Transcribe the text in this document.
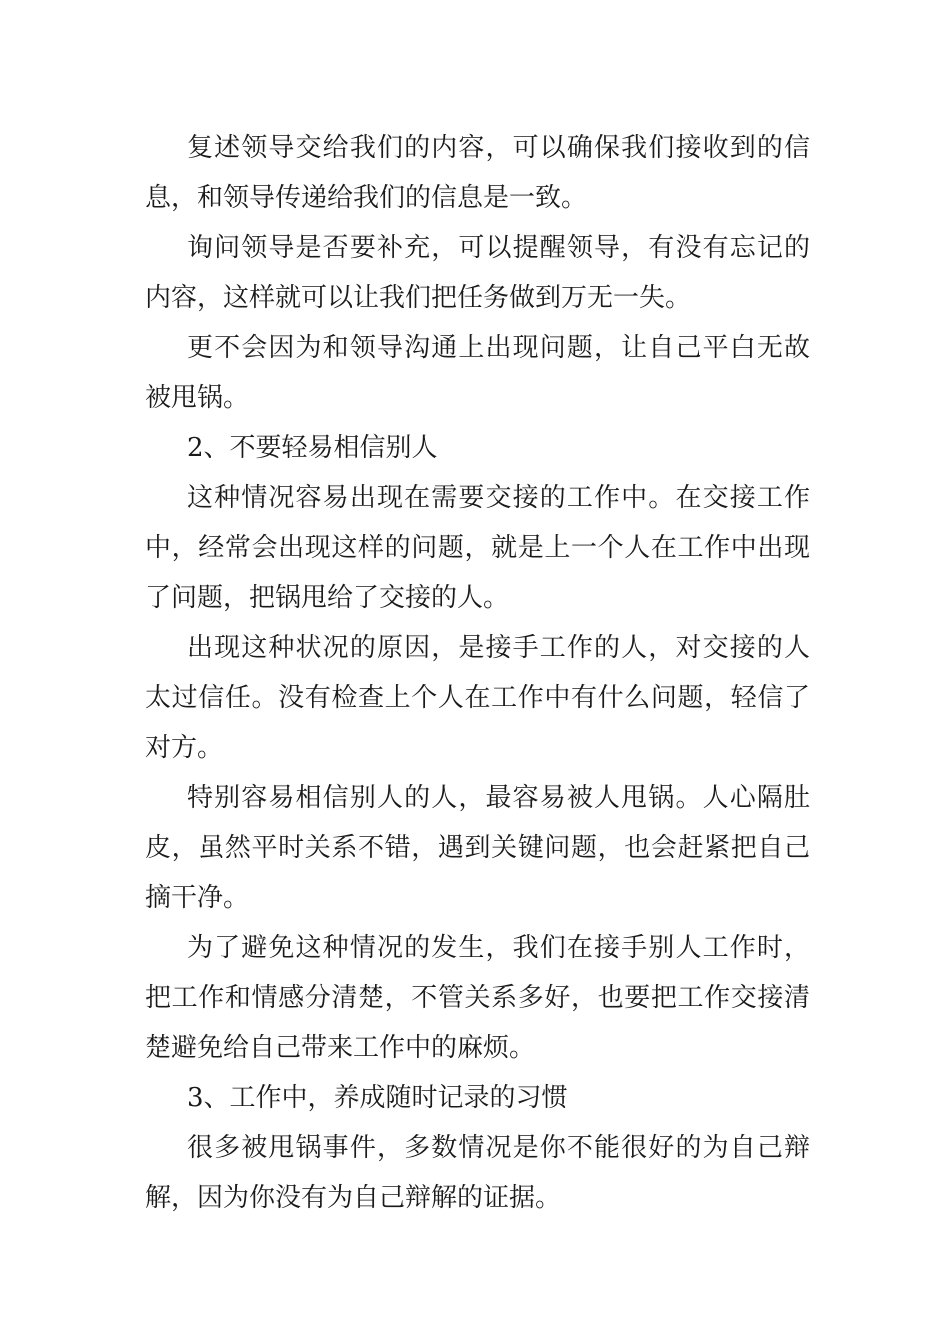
复述领导交给我们的内容，可以确保我们接收到的信息，和领导传递给我们的信息是一致。

询问领导是否要补充，可以提醒领导，有没有忘记的内容，这样就可以让我们把任务做到万无一失。

更不会因为和领导沟通上出现问题，让自己平白无故被甩锅。

2、不要轻易相信别人

这种情况容易出现在需要交接的工作中。在交接工作中，经常会出现这样的问题，就是上一个人在工作中出现了问题，把锅甩给了交接的人。

出现这种状况的原因，是接手工作的人，对交接的人太过信任。没有检查上个人在工作中有什么问题，轻信了对方。

特别容易相信别人的人，最容易被人甩锅。人心隔肚皮，虽然平时关系不错，遇到关键问题，也会赶紧把自己摘干净。

为了避免这种情况的发生，我们在接手别人工作时，把工作和情感分清楚，不管关系多好，也要把工作交接清楚避免给自己带来工作中的麻烦。

3、工作中，养成随时记录的习惯

很多被甩锅事件，多数情况是你不能很好的为自己辩解，因为你没有为自己辩解的证据。
